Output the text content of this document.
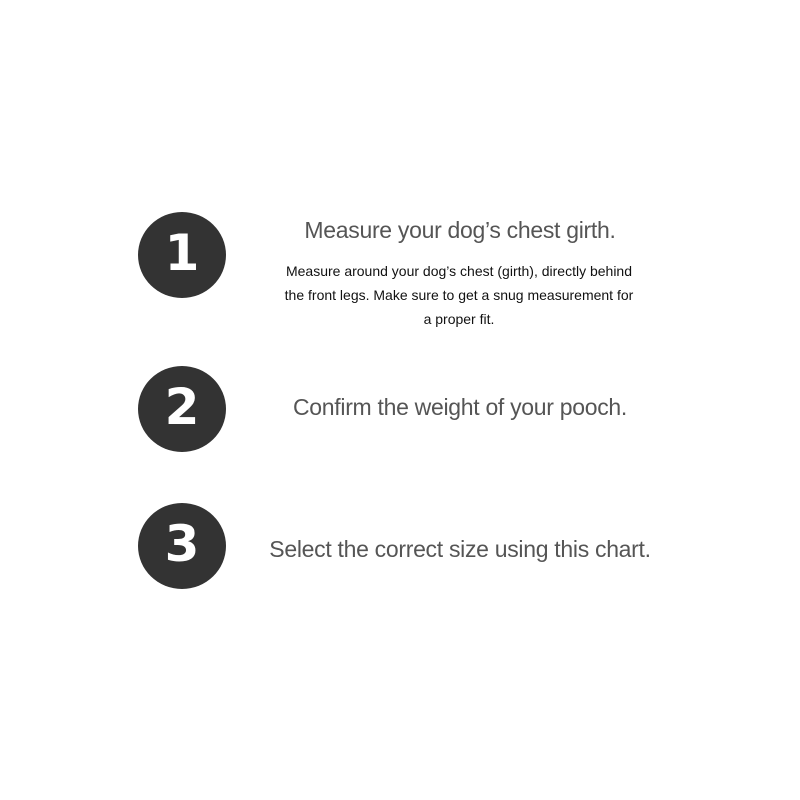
1	Measure your dog’s chest girth.
Measure around your dog’s chest (girth), directly behind the front legs. Make sure to get a snug measurement for a proper fit.
2	Confirm the weight of your pooch.
3	Select the correct size using this chart.
